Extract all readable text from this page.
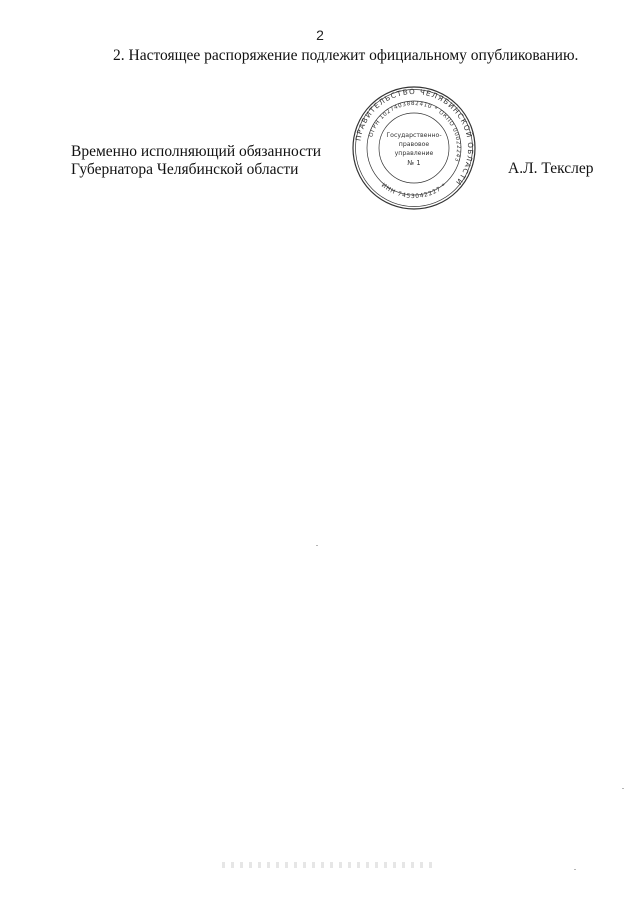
2
2. Настоящее распоряжение подлежит официальному опубликованию.
Временно исполняющий обязанности
Губернатора Челябинской области
ПРАВИТЕЛЬСТВО ЧЕЛЯБИНСКОЙ ОБЛАСТИ
ОГРН 1027403882410 * ОКПО 00022243
ИНН 7453042227 *
Государственно-
правовое
управление
№ 1	А.Л. Текслер
